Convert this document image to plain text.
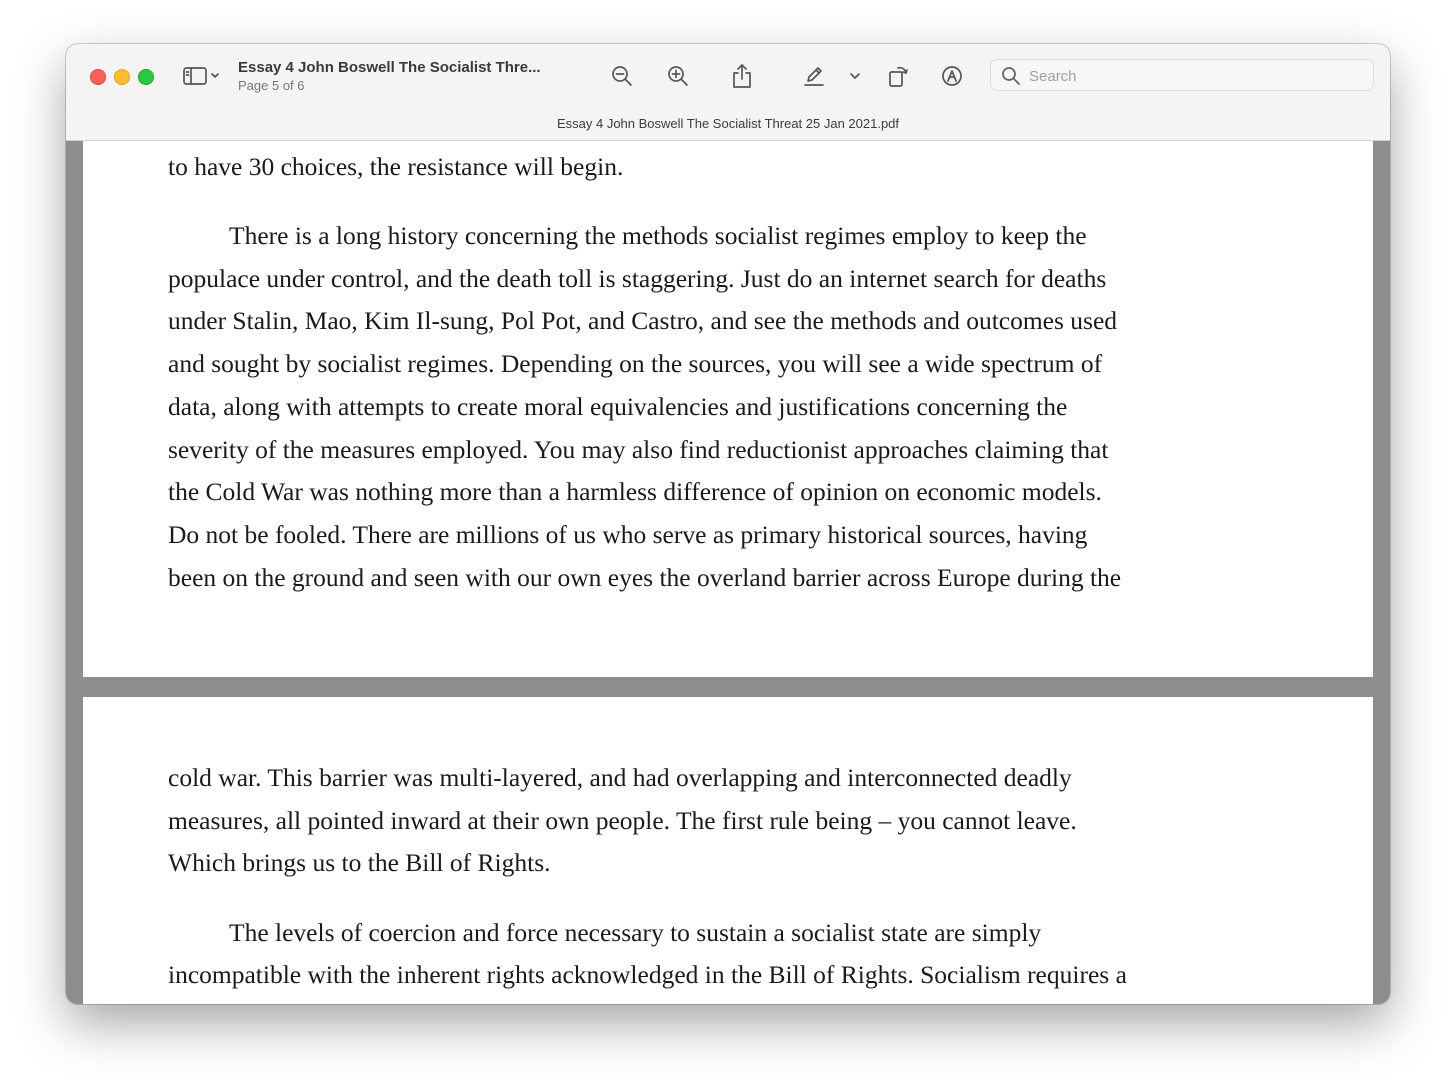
Essay 4 John Boswell The Socialist Thre...
Page 5 of 6
Search
Essay 4 John Boswell The Socialist Threat 25 Jan 2021.pdf
to have 30 choices, the resistance will begin.
There is a long history concerning the methods socialist regimes employ to keep the
populace under control, and the death toll is staggering. Just do an internet search for deaths
under Stalin, Mao, Kim Il-sung, Pol Pot, and Castro, and see the methods and outcomes used
and sought by socialist regimes. Depending on the sources, you will see a wide spectrum of
data, along with attempts to create moral equivalencies and justifications concerning the
severity of the measures employed. You may also find reductionist approaches claiming that
the Cold War was nothing more than a harmless difference of opinion on economic models.
Do not be fooled. There are millions of us who serve as primary historical sources, having
been on the ground and seen with our own eyes the overland barrier across Europe during the
cold war. This barrier was multi-layered, and had overlapping and interconnected deadly
measures, all pointed inward at their own people. The first rule being – you cannot leave.
Which brings us to the Bill of Rights.
The levels of coercion and force necessary to sustain a socialist state are simply
incompatible with the inherent rights acknowledged in the Bill of Rights. Socialism requires a
